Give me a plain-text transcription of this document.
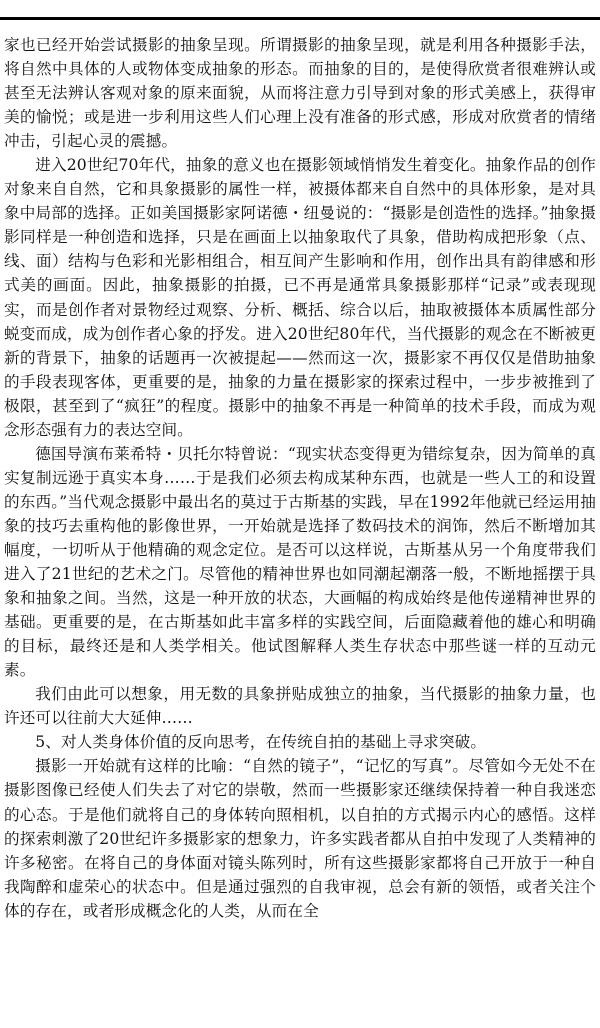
家也已经开始尝试摄影的抽象呈现。所谓摄影的抽象呈现，就是利用各种摄影手法，将自然中具体的人或物体变成抽象的形态。而抽象的目的，是使得欣赏者很难辨认或甚至无法辨认客观对象的原来面貌，从而将注意力引导到对象的形式美感上，获得审美的愉悦；或是进一步利用这些人们心理上没有准备的形式感，形成对欣赏者的情绪冲击，引起心灵的震撼。

进入20世纪70年代，抽象的意义也在摄影领域悄悄发生着变化。抽象作品的创作对象来自自然，它和具象摄影的属性一样，被摄体都来自自然中的具体形象，是对具象中局部的选择。正如美国摄影家阿诺德・纽曼说的：“摄影是创造性的选择。”抽象摄影同样是一种创造和选择，只是在画面上以抽象取代了具象，借助构成把形象（点、线、面）结构与色彩和光影相组合，相互间产生影响和作用，创作出具有韵律感和形式美的画面。因此，抽象摄影的拍摄，已不再是通常具象摄影那样“记录”或表现现实，而是创作者对景物经过观察、分析、概括、综合以后，抽取被摄体本质属性部分蜕变而成，成为创作者心象的抒发。进入20世纪80年代，当代摄影的观念在不断被更新的背景下，抽象的话题再一次被提起——然而这一次，摄影家不再仅仅是借助抽象的手段表现客体，更重要的是，抽象的力量在摄影家的探索过程中，一步步被推到了极限，甚至到了“疯狂”的程度。摄影中的抽象不再是一种简单的技术手段，而成为观念形态强有力的表达空间。

德国导演布莱希特・贝托尔特曾说：“现实状态变得更为错综复杂，因为简单的真实复制远逊于真实本身……于是我们必须去构成某种东西，也就是一些人工的和设置的东西。”当代观念摄影中最出名的莫过于古斯基的实践，早在1992年他就已经运用抽象的技巧去重构他的影像世界，一开始就是选择了数码技术的润饰，然后不断增加其幅度，一切听从于他精确的观念定位。是否可以这样说，古斯基从另一个角度带我们进入了21世纪的艺术之门。尽管他的精神世界也如同潮起潮落一般，不断地摇摆于具象和抽象之间。当然，这是一种开放的状态，大画幅的构成始终是他传递精神世界的基础。更重要的是，在古斯基如此丰富多样的实践空间，后面隐藏着他的雄心和明确的目标，最终还是和人类学相关。他试图解释人类生存状态中那些谜一样的互动元素。

我们由此可以想象，用无数的具象拼贴成独立的抽象，当代摄影的抽象力量，也许还可以往前大大延伸……

5、对人类身体价值的反向思考，在传统自拍的基础上寻求突破。

摄影一开始就有这样的比喻：“自然的镜子”，“记忆的写真”。尽管如今无处不在摄影图像已经使人们失去了对它的崇敬，然而一些摄影家还继续保持着一种自我迷恋的心态。于是他们就将自己的身体转向照相机，以自拍的方式揭示内心的感悟。这样的探索刺激了20世纪许多摄影家的想象力，许多实践者都从自拍中发现了人类精神的许多秘密。在将自己的身体面对镜头陈列时，所有这些摄影家都将自己开放于一种自我陶醉和虚荣心的状态中。但是通过强烈的自我审视，总会有新的领悟，或者关注个体的存在，或者形成概念化的人类，从而在全
